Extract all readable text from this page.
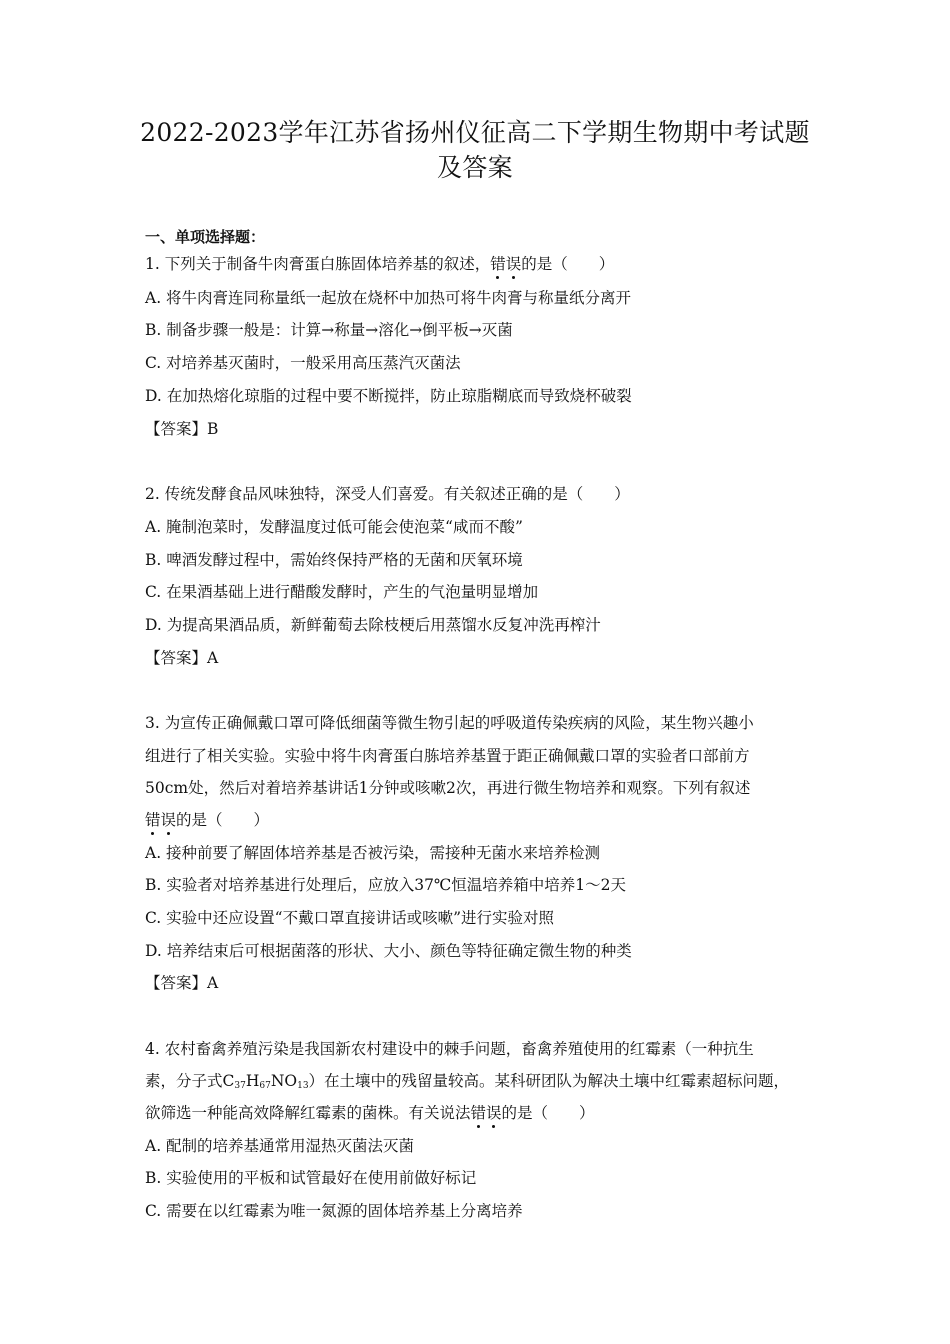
2022-2023学年江苏省扬州仪征高二下学期生物期中考试题
及答案
一、单项选择题：
1. 下列关于制备牛肉膏蛋白胨固体培养基的叙述，错误的是（　　）
A. 将牛肉膏连同称量纸一起放在烧杯中加热可将牛肉膏与称量纸分离开
B. 制备步骤一般是：计算→称量→溶化→倒平板→灭菌
C. 对培养基灭菌时，一般采用高压蒸汽灭菌法
D. 在加热熔化琼脂的过程中要不断搅拌，防止琼脂糊底而导致烧杯破裂
【答案】B
2. 传统发酵食品风味独特，深受人们喜爱。有关叙述正确的是（　　）
A. 腌制泡菜时，发酵温度过低可能会使泡菜“咸而不酸”
B. 啤酒发酵过程中，需始终保持严格的无菌和厌氧环境
C. 在果酒基础上进行醋酸发酵时，产生的气泡量明显增加
D. 为提高果酒品质，新鲜葡萄去除枝梗后用蒸馏水反复冲洗再榨汁
【答案】A
3. 为宣传正确佩戴口罩可降低细菌等微生物引起的呼吸道传染疾病的风险，某生物兴趣小
组进行了相关实验。实验中将牛肉膏蛋白胨培养基置于距正确佩戴口罩的实验者口部前方
50cm处，然后对着培养基讲话1分钟或咳嗽2次，再进行微生物培养和观察。下列有叙述
错误的是（　　）
A. 接种前要了解固体培养基是否被污染，需接种无菌水来培养检测
B. 实验者对培养基进行处理后，应放入37℃恒温培养箱中培养1～2天
C. 实验中还应设置“不戴口罩直接讲话或咳嗽”进行实验对照
D. 培养结束后可根据菌落的形状、大小、颜色等特征确定微生物的种类
【答案】A
4. 农村畜禽养殖污染是我国新农村建设中的棘手问题，畜禽养殖使用的红霉素（一种抗生
素，分子式$C_{37}H_{67}NO_{13}$）在土壤中的残留量较高。某科研团队为解决土壤中红霉素超标问题，
欲筛选一种能高效降解红霉素的菌株。有关说法错误的是（　　）
A. 配制的培养基通常用湿热灭菌法灭菌
B. 实验使用的平板和试管最好在使用前做好标记
C. 需要在以红霉素为唯一氮源的固体培养基上分离培养
